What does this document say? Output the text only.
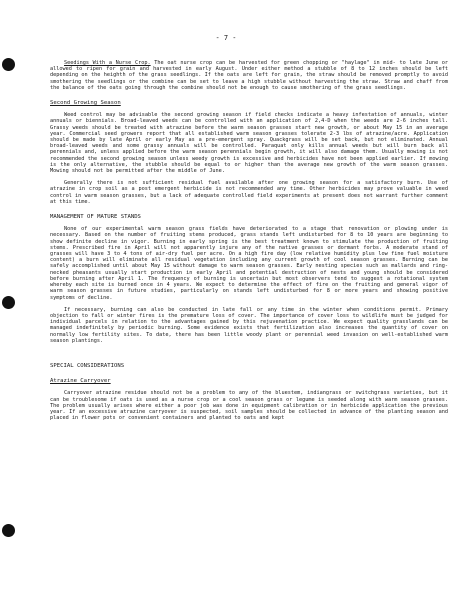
- 7 -

Seedings With a Nurse Crop. The oat nurse crop can be harvested for green chopping or "haylage" in mid- to late June or allowed to ripen for grain and harvested in early August. Under either method a stubble of 8 to 12 inches should be left depending on the heighth of the grass seedlings. If the oats are left for grain, the straw should be removed promptly to avoid smothering the seedlings or the combine can be set to leave a high stubble without harvesting the straw. Straw and chaff from the balance of the oats going through the combine should not be enough to cause smothering of the grass seedlings.

Second Growing Season

Weed control may be advisable the second growing season if field checks indicate a heavy infestation of annuals, winter annuals or biennials. Broad-leaved weeds can be controlled with an application of 2,4-D when the weeds are 2-6 inches tall. Grassy weeds should be treated with atrazine before the warm season grasses start new growth, or about May 15 in an average year. Commercial seed growers report that all established warm season grasses tolerate 2-3 lbs of atrazine/acre. Application should be made by late April or early May as a pre-emergent spray. Quackgrass will be set back, but not eliminated. Annual broad-leaved weeds and some grassy annuals will be controlled. Paraquat only kills annual weeds but will burn back all perennials and, unless applied before the warm season perennials begin growth, it will also damage them. Usually mowing is not recommended the second growing season unless weedy growth is excessive and herbicides have not been applied earlier. If mowing is the only alternative, the stubble should be equal to or higher than the average new growth of the warm season grasses. Mowing should not be permitted after the middle of June.

Generally there is not sufficient residual fuel available after one growing season for a satisfactory burn. Use of atrazine in crop soil as a post emergent herbicide is not recommended any time. Other herbicides may prove valuable in weed control in warm season grasses, but a lack of adequate controlled field experiments at present does not warrant further comment at this time.

MANAGEMENT OF MATURE STANDS

None of our experimental warm season grass fields have deteriorated to a stage that renovation or plowing under is necessary. Based on the number of fruiting stems produced, grass stands left undisturbed for 8 to 10 years are beginning to show definite decline in vigor. Burning in early spring is the best treatment known to stimulate the production of fruiting stems. Prescribed fire in April will not apparently injure any of the native grasses or dormant forbs. A moderate stand of grasses will have 3 to 4 tons of air-dry fuel per acre. On a high fire day (low relative humidity plus low fine fuel moisture content) a burn will eliminate all residual vegetation including any current growth of cool season grasses. Burning can be safely accomplished until about May 15 without damage to warm season grasses. Early nesting species such as mallards and ring-necked pheasants usually start production in early April and potential destruction of nests and young should be considered before burning after April 1. The frequency of burning is uncertain but most observers tend to suggest a rotational system whereby each site is burned once in 4 years. We expect to determine the effect of fire on the fruiting and general vigor of warm season grasses in future studies, particularly on stands left undisturbed for 8 or more years and showing positive symptoms of decline.

If necessary, burning can also be conducted in late fall or any time in the winter when conditions permit. Primary objection to fall or winter fires is the premature loss of cover. The importance of cover loss to wildlife must be judged for individual parcels in relation to the advantages gained by this rejuvenation practice. We expect quality grasslands can be managed indefinitely by periodic burning. Some evidence exists that fertilization also increases the quantity of cover on normally low fertility sites. To date, there has been little woody plant or perennial weed invasion on well-established warm season plantings.

SPECIAL CONSIDERATIONS
Atrazine Carryover

Carryover atrazine residue should not be a problem to any of the bluestem, indiangrass or switchgrass varieties, but it can be troublesome if oats is used as a nurse crop or a cool season grass or legume is seeded along with warm season grasses. The problem usually arises where either a poor job was done in equipment calibration or in herbicide application the previous year. If an excessive atrazine carryover is suspected, soil samples should be collected in advance of the planting season and placed in flower pots or convenient containers and planted to oats and kept
